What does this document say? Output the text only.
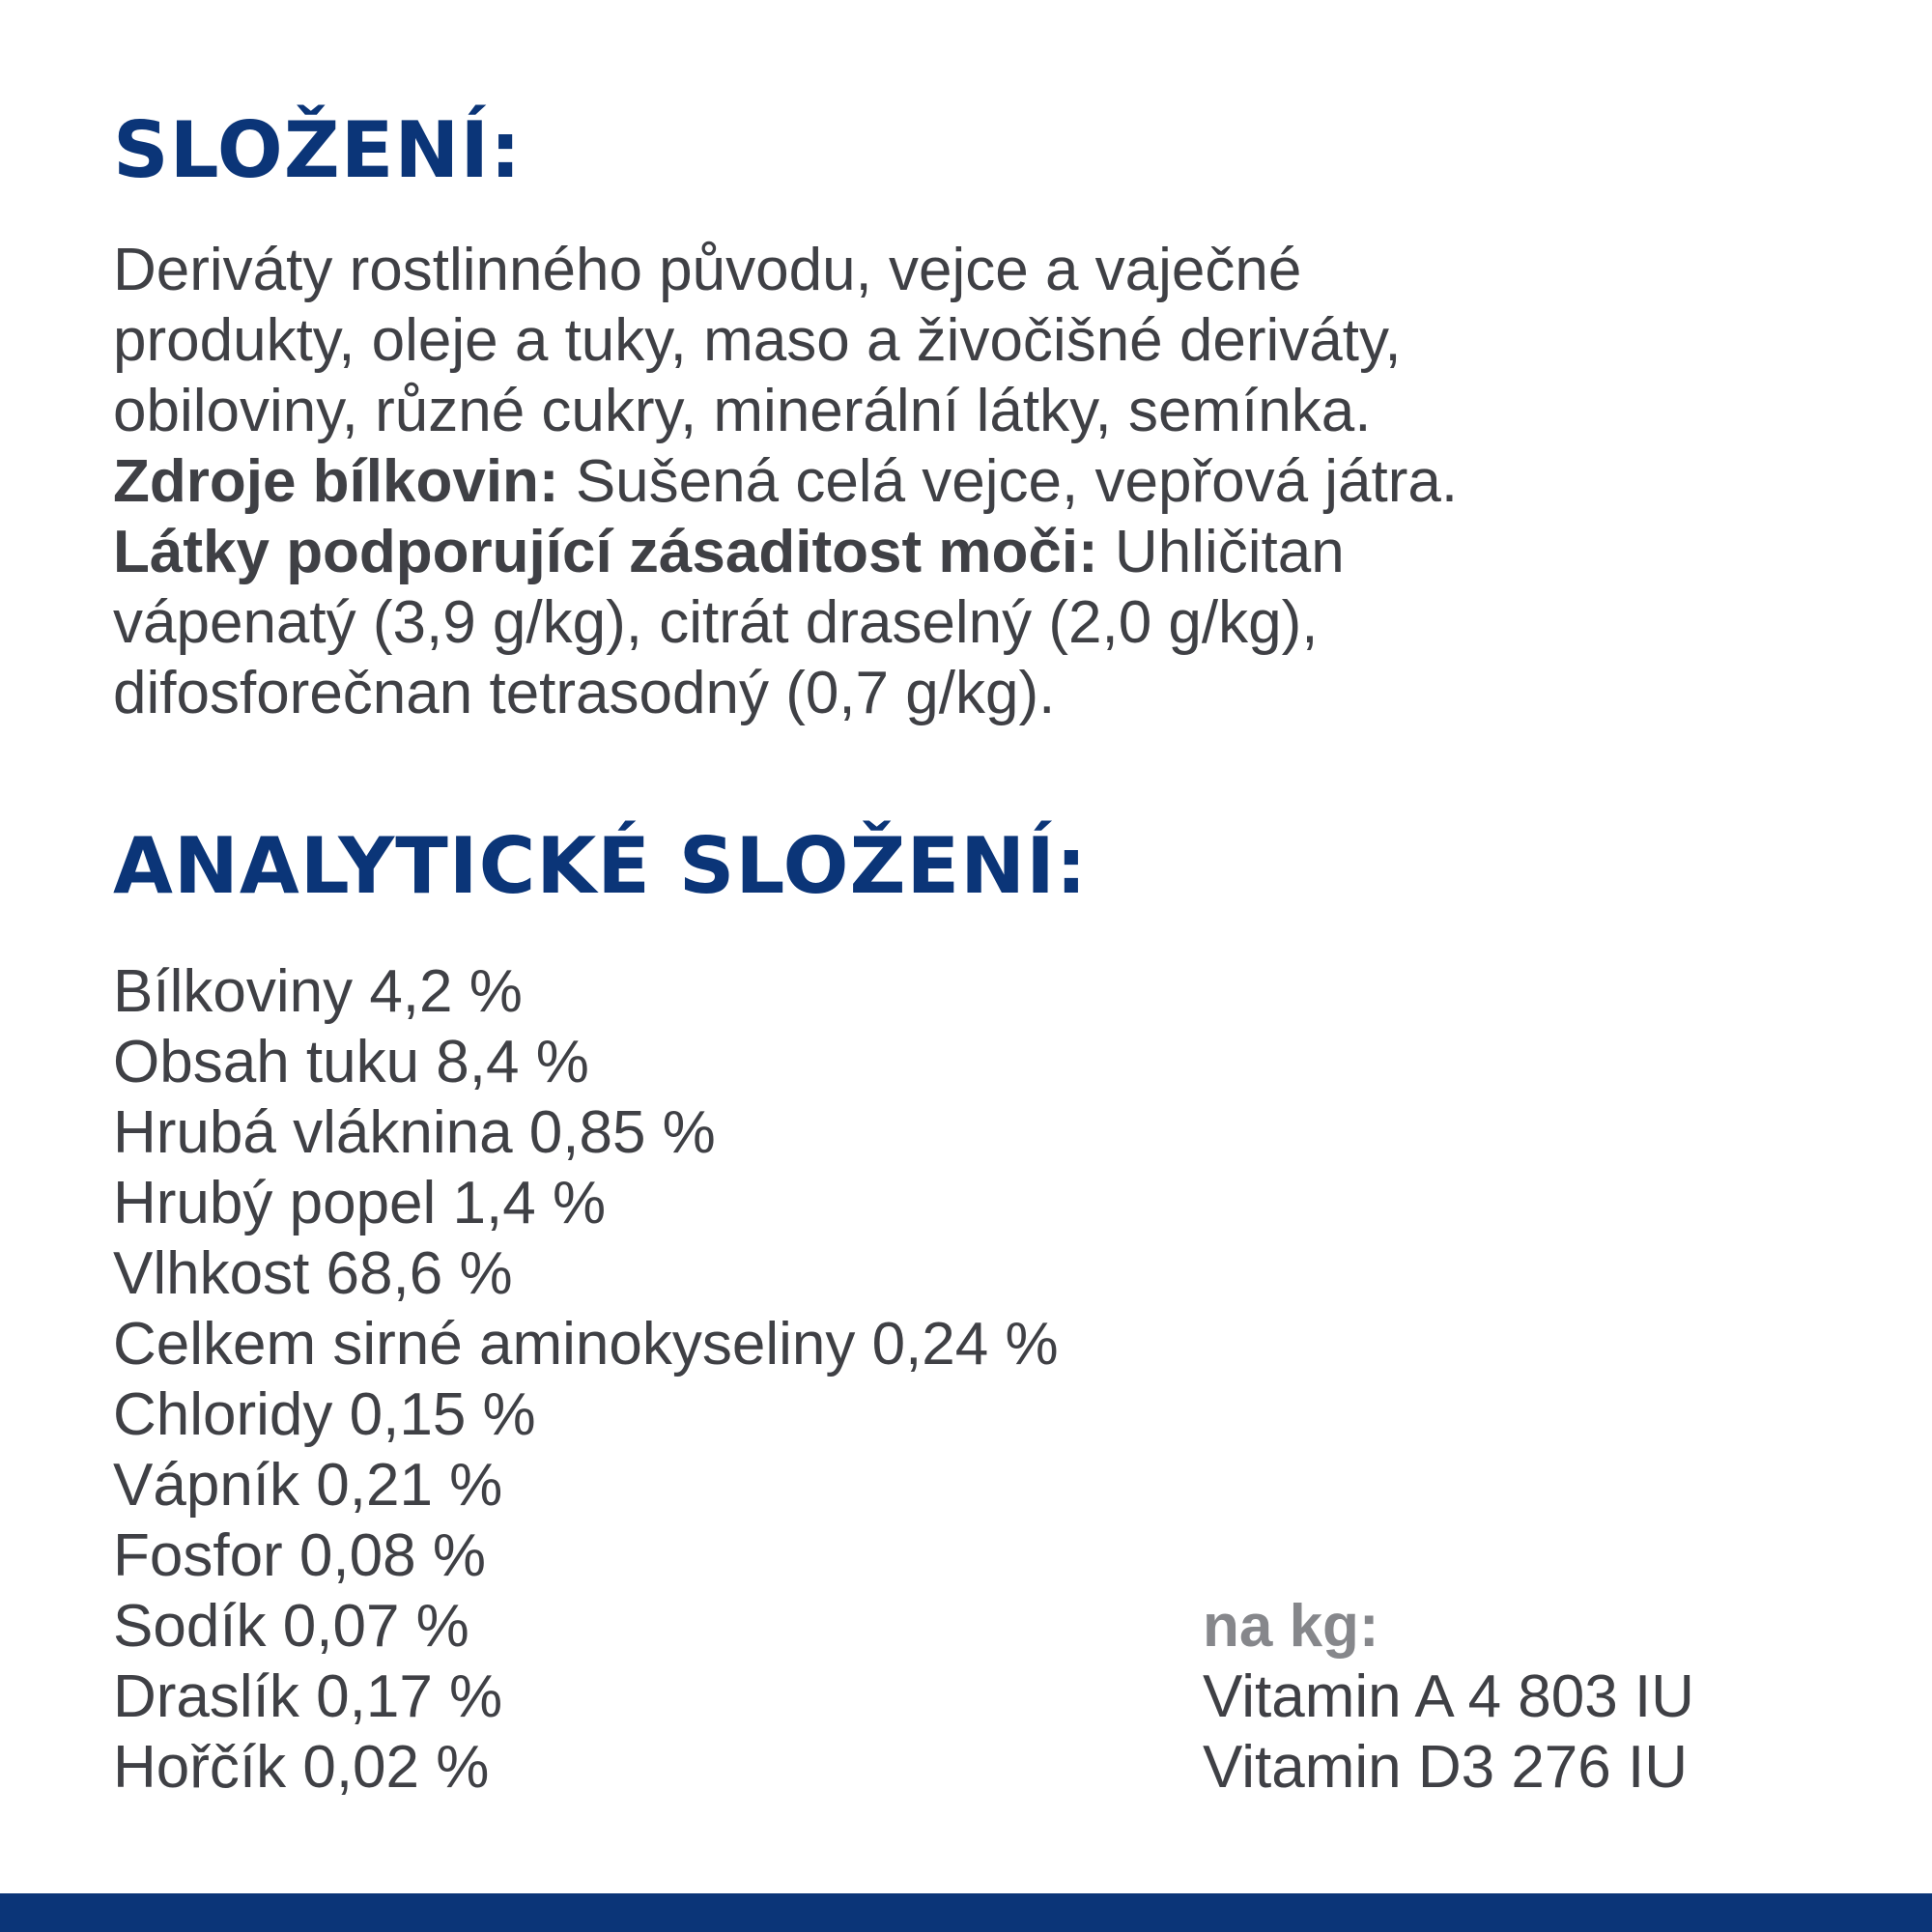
SLOŽENÍ:
Deriváty rostlinného původu, vejce a vaječné
produkty, oleje a tuky, maso a živočišné deriváty,
obiloviny, různé cukry, minerální látky, semínka.
Zdroje bílkovin: Sušená celá vejce, vepřová játra.
Látky podporující zásaditost moči: Uhličitan
vápenatý (3,9 g/kg), citrát draselný (2,0 g/kg),
difosforečnan tetrasodný (0,7 g/kg).
ANALYTICKÉ SLOŽENÍ:
Bílkoviny 4,2 %
Obsah tuku 8,4 %
Hrubá vláknina 0,85 %
Hrubý popel 1,4 %
Vlhkost 68,6 %
Celkem sirné aminokyseliny 0,24 %
Chloridy 0,15 %
Vápník 0,21 %
Fosfor 0,08 %
Sodík 0,07 %
Draslík 0,17 %
Hořčík 0,02 %
na kg:
Vitamin A 4 803 IU
Vitamin D3 276 IU
